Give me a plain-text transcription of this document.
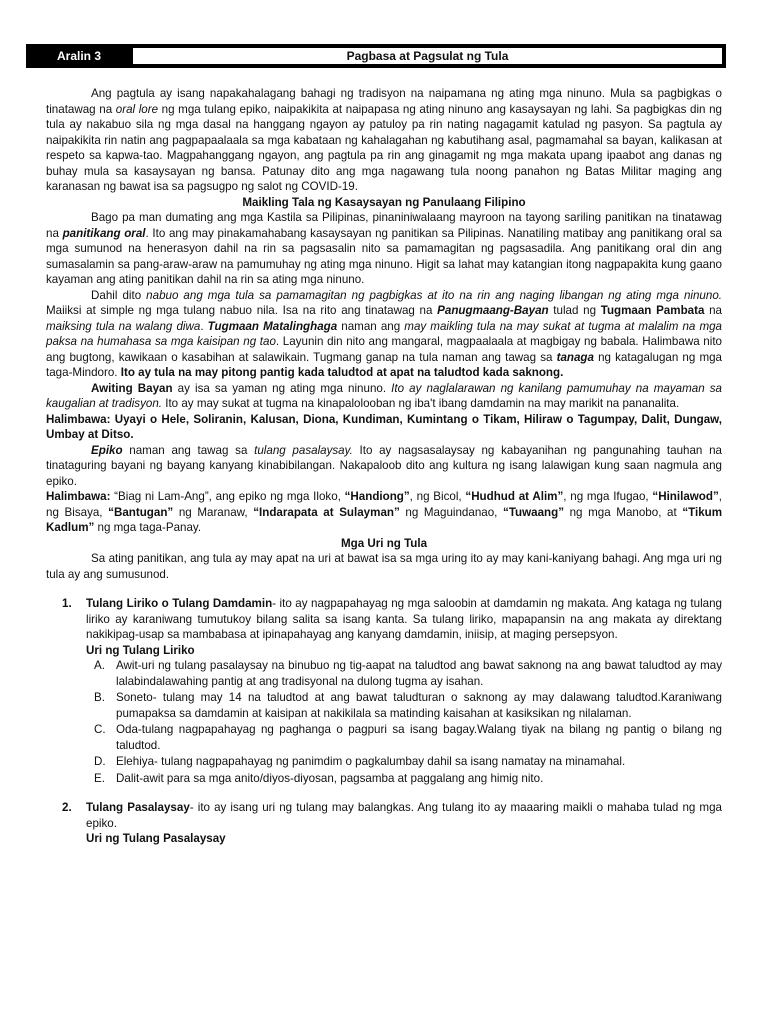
Aralin 3	Pagbasa at Pagsulat ng Tula

Ang pagtula ay isang napakahalagang bahagi ng tradisyon na naipamana ng ating mga ninuno. Mula sa pagbigkas o tinatawag na oral lore ng mga tulang epiko, naipakikita at naipapasa ng ating ninuno ang kasaysayan ng lahi. Sa pagbigkas din ng tula ay nakabuo sila ng mga dasal na hanggang ngayon ay patuloy pa rin nating nagagamit katulad ng pasyon. Sa pagtula ay naipakikita rin natin ang pagpapaalaala sa mga kabataan ng kahalagahan ng kabutihang asal, pagmamahal sa bayan, kalikasan at respeto sa kapwa-tao. Magpahanggang ngayon, ang pagtula pa rin ang ginagamit ng mga makata upang ipaabot ang danas ng buhay mula sa kasaysayan ng bansa. Patunay dito ang mga nagawang tula noong panahon ng Batas Militar maging ang karanasan ng bawat isa sa pagsugpo ng salot ng COVID-19.

Maikling Tala ng Kasaysayan ng Panulaang Filipino

Bago pa man dumating ang mga Kastila sa Pilipinas, pinaniniwalaang mayroon na tayong sariling panitikan na tinatawag na panitikang oral. Ito ang may pinakamahabang kasaysayan ng panitikan sa Pilipinas. Nanatiling matibay ang panitikang oral sa mga sumunod na henerasyon dahil na rin sa pagsasalin nito sa pamamagitan ng pagsasadila. Ang panitikang oral din ang sumasalamin sa pang-araw-araw na pamumuhay ng ating mga ninuno. Higit sa lahat may katangian itong nagpapakita kung gaano kayaman ang ating panitikan dahil na rin sa ating mga ninuno.

Dahil dito nabuo ang mga tula sa pamamagitan ng pagbigkas at ito na rin ang naging libangan ng ating mga ninuno. Maiiksi at simple ng mga tulang nabuo nila. Isa na rito ang tinatawag na Panugmaang-Bayan tulad ng Tugmaan Pambata na maiksing tula na walang diwa. Tugmaan Matalinghaga naman ang may maikling tula na may sukat at tugma at malalim na mga paksa na humahasa sa mga kaisipan ng tao. Layunin din nito ang mangaral, magpaalaala at magbigay ng babala. Halimbawa nito ang bugtong, kawikaan o kasabihan at salawikain. Tugmang ganap na tula naman ang tawag sa tanaga ng katagalugan ng mga taga-Mindoro. Ito ay tula na may pitong pantig kada taludtod at apat na taludtod kada saknong.

Awiting Bayan ay isa sa yaman ng ating mga ninuno. Ito ay naglalarawan ng kanilang pamumuhay na mayaman sa kaugalian at tradisyon. Ito ay may sukat at tugma na kinapalolooban ng iba't ibang damdamin na may marikit na pananalita.

Halimbawa: Uyayi o Hele, Soliranin, Kalusan, Diona, Kundiman, Kumintang o Tikam, Hiliraw o Tagumpay, Dalit, Dungaw, Umbay at Ditso.

Epiko naman ang tawag sa tulang pasalaysay. Ito ay nagsasalaysay ng kabayanihan ng pangunahing tauhan na tinataguring bayani ng bayang kanyang kinabibilangan. Nakapaloob dito ang kultura ng isang lalawigan kung saan nagmula ang epiko.

Halimbawa: “Biag ni Lam-Ang”, ang epiko ng mga Iloko, “Handiong”, ng Bicol, “Hudhud at Alim”, ng mga Ifugao, “Hinilawod”, ng Bisaya, “Bantugan” ng Maranaw, “Indarapata at Sulayman” ng Maguindanao, “Tuwaang” ng mga Manobo, at “Tikum Kadlum” ng mga taga-Panay.

Mga Uri ng Tula

Sa ating panitikan, ang tula ay may apat na uri at bawat isa sa mga uring ito ay may kani-kaniyang bahagi. Ang mga uri ng tula ay ang sumusunod.

1. Tulang Liriko o Tulang Damdamin- ito ay nagpapahayag ng mga saloobin at damdamin ng makata. Ang kataga ng tulang liriko ay karaniwang tumutukoy bilang salita sa isang kanta. Sa tulang liriko, mapapansin na ang makata ay direktang nakikipag-usap sa mambabasa at ipinapahayag ang kanyang damdamin, iniisip, at maging persepsyon.

Uri ng Tulang Liriko

A. Awit-uri ng tulang pasalaysay na binubuo ng tig-aapat na taludtod ang bawat saknong na ang bawat taludtod ay may lalabindalawahing pantig at ang tradisyonal na dulong tugma ay isahan.
B. Soneto- tulang may 14 na taludtod at ang bawat taludturan o saknong ay may dalawang taludtod.Karaniwang pumapaksa sa damdamin at kaisipan at nakikilala sa matinding kaisahan at kasiksikan ng nilalaman.
C. Oda-tulang nagpapahayag ng paghanga o pagpuri sa isang bagay.Walang tiyak na bilang ng pantig o bilang ng taludtod.
D. Elehiya- tulang nagpapahayag ng panimdim o pagkalumbay dahil sa isang namatay na minamahal.
E. Dalit-awit para sa mga anito/diyos-diyosan, pagsamba at paggalang ang himig nito.
2. Tulang Pasalaysay- ito ay isang uri ng tulang may balangkas. Ang tulang ito ay maaaring maikli o mahaba tulad ng mga epiko.

Uri ng Tulang Pasalaysay
